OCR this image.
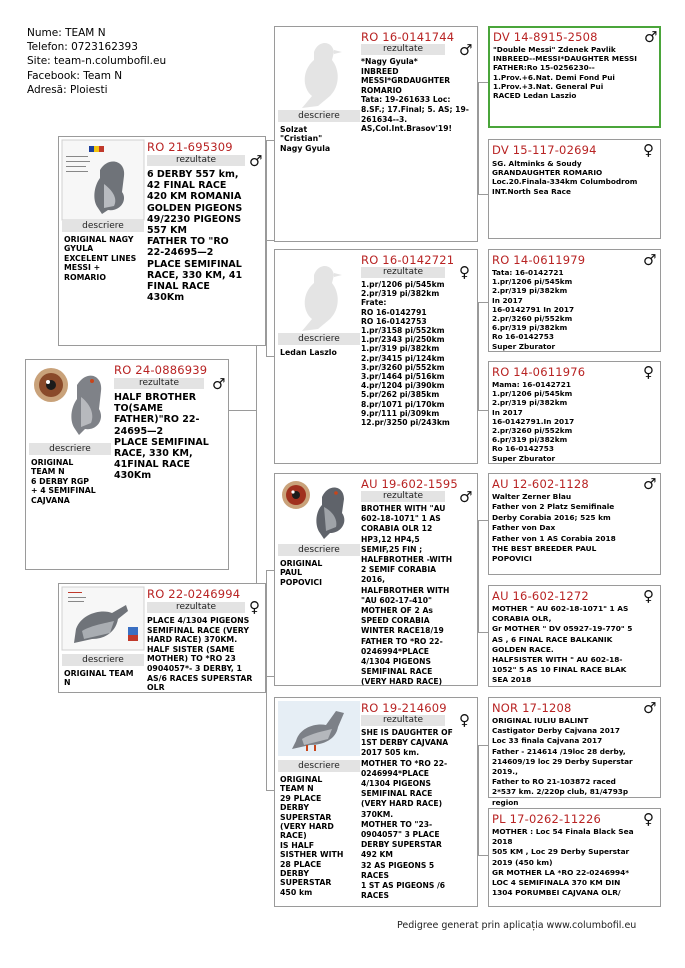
Nume: TEAM N
Telefon: 0723162393
Site: team-n.columbofil.eu
Facebook: Team N
Adresă: Ploiesti
descriere
RO 24-0886939
rezultate	♂
HALF BROTHER
TO(SAME
FATHER)"RO 22-
24695—2
PLACE SEMIFINAL
RACE, 330 KM,
41FINAL RACE
430Km
ORIGINAL
TEAM N
6 DERBY RGP
+ 4 SEMIFINAL
CAJVANA
descriere
RO 21-695309
rezultate	♂
6 DERBY 557 km,
42 FINAL RACE
420 KM ROMANIA
GOLDEN PIGEONS
49/2230 PIGEONS
557 KM
FATHER TO "RO
22-24695—2
PLACE SEMIFINAL
RACE, 330 KM, 41
FINAL RACE
430Km
ORIGINAL NAGY
GYULA
EXCELENT LINES
MESSI +
ROMARIO
descriere
RO 22-0246994
rezultate	♀
PLACE 4/1304 PIGEONS
SEMIFINAL RACE (VERY
HARD RACE) 370KM.
HALF SISTER (SAME
MOTHER) TO *RO 23
0904057*- 3 DERBY, 1
AS/6 RACES SUPERSTAR
OLR
ORIGINAL TEAM
N
descriere
RO 16-0141744
rezultate	♂
*Nagy Gyula*
INBREED
MESSI*GRDAUGHTER
ROMARIO
Tata: 19-261633 Loc:
8.SF.; 17.Final; 5. AS; 19-
261634--3.
AS,Col.Int.Brasov'19!
Solzat
"Cristian"
Nagy Gyula
descriere
RO 16-0142721
rezultate	♀
1.pr/1206 pi/545km
2.pr/319 pi/382km
Frate:
RO 16-0142791
RO 16-0142753
1.pr/3158 pi/552km
1.pr/2343 pi/250km
1.pr/319 pi/382km
2.pr/3415 pi/124km
3.pr/3260 pi/552km
3.pr/1464 pi/516km
4.pr/1204 pi/390km
5.pr/262 pi/385km
8.pr/1071 pi/170km
9.pr/111 pi/309km
12.pr/3250 pi/243km
Ledan Laszlo
descriere
AU 19-602-1595
rezultate	♂
BROTHER WITH "AU
602-18-1071" 1 AS
CORABIA OLR 12
HP3,12 HP4,5
SEMIF,25 FIN ;
HALFBROTHER -WITH
2 SEMIF CORABIA
2016,
HALFBROTHER WITH
"AU 602-17-410"
MOTHER OF 2 As
SPEED CORABIA
WINTER RACE18/19
FATHER TO *RO 22-
0246994*PLACE
4/1304 PIGEONS
SEMIFINAL RACE
(VERY HARD RACE)
ORIGINAL
PAUL
POPOVICI
descriere
RO 19-214609
rezultate	♀
SHE IS DAUGHTER OF
1ST DERBY CAJVANA
2017 505 km.
MOTHER TO *RO 22-
0246994*PLACE
4/1304 PIGEONS
SEMIFINAL RACE
(VERY HARD RACE)
370KM.
MOTHER TO "23-
0904057" 3 PLACE
DERBY SUPERSTAR
492 KM
32 AS PIGEONS 5
RACES
1 ST AS PIGEONS /6
RACES
ORIGINAL
TEAM N
29 PLACE
DERBY
SUPERSTAR
(VERY HARD
RACE)
IS HALF
SISTHER WITH
28 PLACE
DERBY
SUPERSTAR
450 km
DV 14-8915-2508	♂
"Double Messi" Zdenek Pavlik
INBREED--MESSI*DAUGHTER MESSI
FATHER:Ro 15-0256230--
1.Prov.+6.Nat. Demi Fond Pui
1.Prov.+3.Nat. General Pui
RACED Ledan Laszio
DV 15-117-02694	♀
SG. Altminks & Soudy
GRANDAUGHTER ROMARIO
Loc.20.Finala-334km Columbodrom
INT.North Sea Race
RO 14-0611979	♂
Tata: 16-0142721
1.pr/1206 pi/545km
2.pr/319 pi/382km
In 2017
16-0142791 In 2017
2.pr/3260 pi/552km
6.pr/319 pi/382km
Ro 16-0142753
Super Zburator
RO 14-0611976	♀
Mama: 16-0142721
1.pr/1206 pi/545km
2.pr/319 pi/382km
In 2017
16-0142791.In 2017
2.pr/3260 pi/552km
6.pr/319 pi/382km
Ro 16-0142753
Super Zburator
AU 12-602-1128	♂
Walter Zerner Blau
Father von 2 Platz Semifinale
Derby Corabia 2016; 525 km
Father von Dax
Father von 1 AS Corabia 2018
THE BEST BREEDER PAUL
POPOVICI
AU 16-602-1272	♀
MOTHER " AU 602-18-1071" 1 AS
CORABIA OLR,
Gr MOTHER " DV 05927-19-770" 5
AS , 6 FINAL RACE BALKANIK
GOLDEN RACE.
HALFSISTER WITH " AU 602-18-
1052" 5 AS 10 FINAL RACE BLAK
SEA 2018
NOR 17-1208	♂
ORIGINAL IULIU BALINT
Castigator Derby Cajvana 2017
Loc 33 finala Cajvana 2017
Father - 214614 /19loc 28 derby,
214609/19 loc 29 Derby Superstar
2019.,
Father to RO 21-103872 raced
2*537 km. 2/220p club, 81/4793p
region
PL 17-0262-11226	♀
MOTHER : Loc 54 Finala Black Sea
2018
505 KM , Loc 29 Derby Superstar
2019 (450 km)
GR MOTHER LA *RO 22-0246994*
LOC 4 SEMIFINALA 370 KM DIN
1304 PORUMBEI CAJVANA OLR/
Pedigree generat prin aplicația www.columbofil.eu
